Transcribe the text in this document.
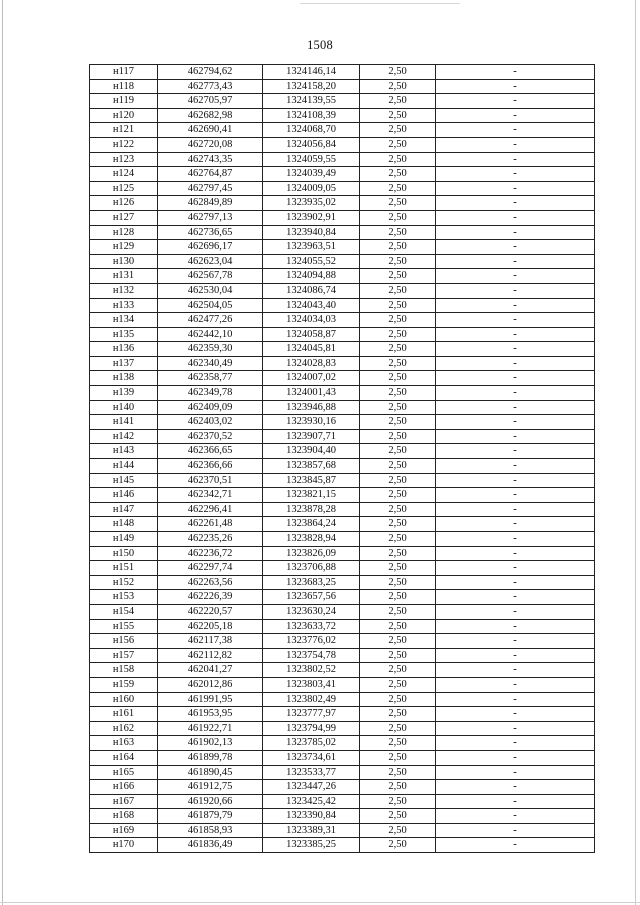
1508
н117	462794,62	1324146,14	2,50	-
н118	462773,43	1324158,20	2,50	-
н119	462705,97	1324139,55	2,50	-
н120	462682,98	1324108,39	2,50	-
н121	462690,41	1324068,70	2,50	-
н122	462720,08	1324056,84	2,50	-
н123	462743,35	1324059,55	2,50	-
н124	462764,87	1324039,49	2,50	-
н125	462797,45	1324009,05	2,50	-
н126	462849,89	1323935,02	2,50	-
н127	462797,13	1323902,91	2,50	-
н128	462736,65	1323940,84	2,50	-
н129	462696,17	1323963,51	2,50	-
н130	462623,04	1324055,52	2,50	-
н131	462567,78	1324094,88	2,50	-
н132	462530,04	1324086,74	2,50	-
н133	462504,05	1324043,40	2,50	-
н134	462477,26	1324034,03	2,50	-
н135	462442,10	1324058,87	2,50	-
н136	462359,30	1324045,81	2,50	-
н137	462340,49	1324028,83	2,50	-
н138	462358,77	1324007,02	2,50	-
н139	462349,78	1324001,43	2,50	-
н140	462409,09	1323946,88	2,50	-
н141	462403,02	1323930,16	2,50	-
н142	462370,52	1323907,71	2,50	-
н143	462366,65	1323904,40	2,50	-
н144	462366,66	1323857,68	2,50	-
н145	462370,51	1323845,87	2,50	-
н146	462342,71	1323821,15	2,50	-
н147	462296,41	1323878,28	2,50	-
н148	462261,48	1323864,24	2,50	-
н149	462235,26	1323828,94	2,50	-
н150	462236,72	1323826,09	2,50	-
н151	462297,74	1323706,88	2,50	-
н152	462263,56	1323683,25	2,50	-
н153	462226,39	1323657,56	2,50	-
н154	462220,57	1323630,24	2,50	-
н155	462205,18	1323633,72	2,50	-
н156	462117,38	1323776,02	2,50	-
н157	462112,82	1323754,78	2,50	-
н158	462041,27	1323802,52	2,50	-
н159	462012,86	1323803,41	2,50	-
н160	461991,95	1323802,49	2,50	-
н161	461953,95	1323777,97	2,50	-
н162	461922,71	1323794,99	2,50	-
н163	461902,13	1323785,02	2,50	-
н164	461899,78	1323734,61	2,50	-
н165	461890,45	1323533,77	2,50	-
н166	461912,75	1323447,26	2,50	-
н167	461920,66	1323425,42	2,50	-
н168	461879,79	1323390,84	2,50	-
н169	461858,93	1323389,31	2,50	-
н170	461836,49	1323385,25	2,50	-
